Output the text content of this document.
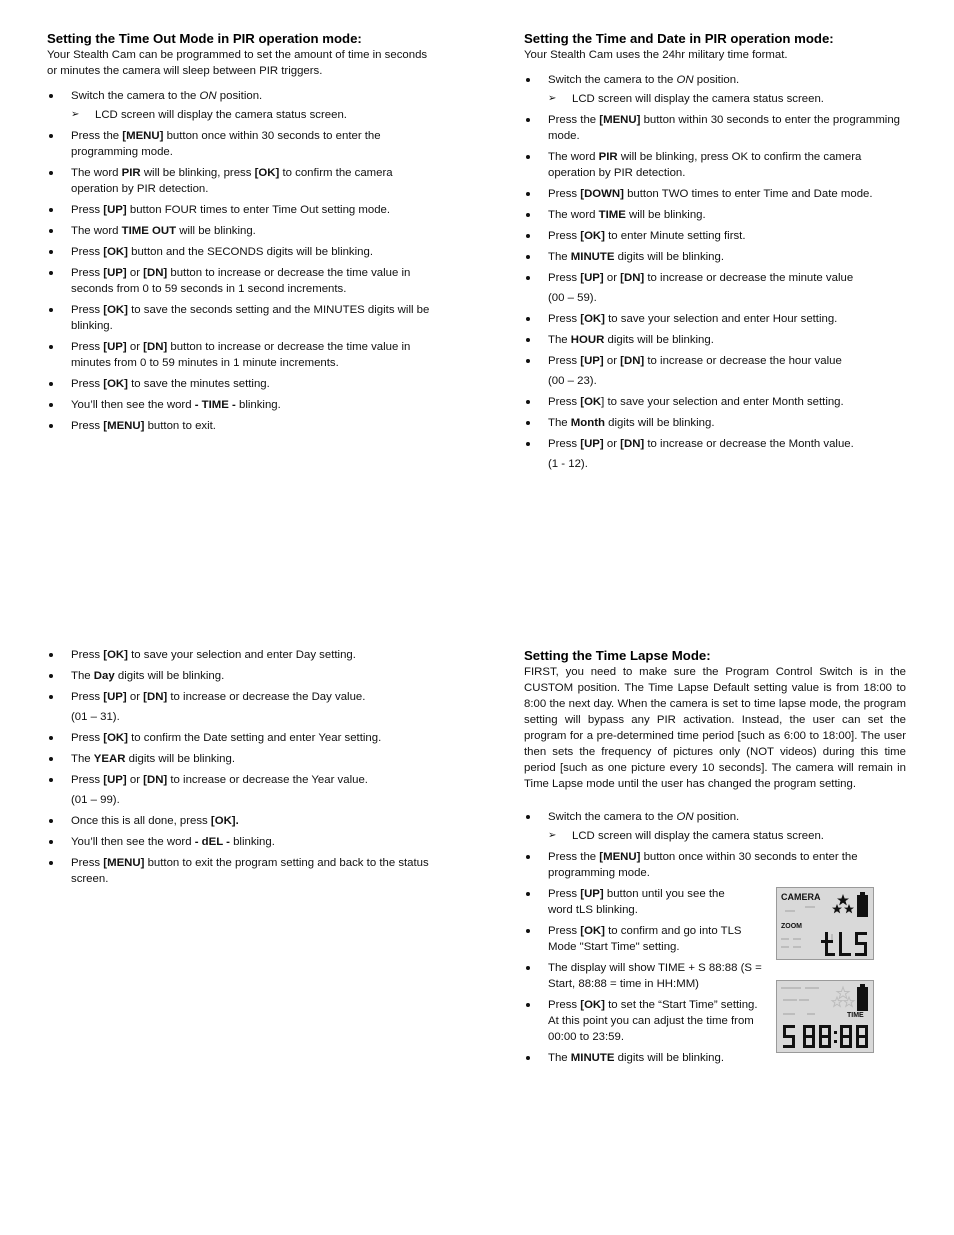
Setting the Time Out Mode in PIR operation mode:

Your Stealth Cam can be programmed to set the amount of time in seconds or minutes the camera will sleep between PIR triggers.

Switch the camera to the ON position.
➢ LCD screen will display the camera status screen.
Press the [MENU] button once within 30 seconds to enter the programming mode.
The word PIR will be blinking, press [OK] to confirm the camera operation by PIR detection.
Press [UP] button FOUR times to enter Time Out setting mode.
The word TIME OUT will be blinking.
Press [OK] button and the SECONDS digits will be blinking.
Press [UP] or [DN] button to increase or decrease the time value in seconds from 0 to 59 seconds in 1 second increments.
Press [OK] to save the seconds setting and the MINUTES digits will be blinking.
Press [UP] or [DN] button to increase or decrease the time value in minutes from 0 to 59 minutes in 1 minute increments.
Press [OK] to save the minutes setting.
You’ll then see the word - TIME - blinking.
Press [MENU] button to exit.
Setting the Time and Date in PIR operation mode:

Your Stealth Cam uses the 24hr military time format.

Switch the camera to the ON position.
➢ LCD screen will display the camera status screen.
Press the [MENU] button within 30 seconds to enter the programming mode.
The word PIR will be blinking, press OK to confirm the camera operation by PIR detection.
Press [DOWN] button TWO times to enter Time and Date mode.
The word TIME will be blinking.
Press [OK] to enter Minute setting first.
The MINUTE digits will be blinking.
Press [UP] or [DN] to increase or decrease the minute value
(00 – 59).
Press [OK] to save your selection and enter Hour setting.
The HOUR digits will be blinking.
Press [UP] or [DN] to increase or decrease the hour value
(00 – 23).
Press [OK] to save your selection and enter Month setting.
The Month digits will be blinking.
Press [UP] or [DN] to increase or decrease the Month value.
(1 - 12).
Press [OK] to save your selection and enter Day setting.
The Day digits will be blinking.
Press [UP] or [DN] to increase or decrease the Day value.
(01 – 31).
Press [OK] to confirm the Date setting and enter Year setting.
The YEAR digits will be blinking.
Press [UP] or [DN] to increase or decrease the Year value.
(01 – 99).
Once this is all done, press [OK].
You’ll then see the word - dEL - blinking.
Press [MENU] button to exit the program setting and back to the status screen.
Setting the Time Lapse Mode:

FIRST, you need to make sure the Program Control Switch is in the CUSTOM position. The Time Lapse Default setting value is from 18:00 to 8:00 the next day. When the camera is set to time lapse mode, the program setting will bypass any PIR activation. Instead, the user can set the program for a pre-determined time period [such as 6:00 to 18:00]. The user then sets the frequency of pictures only (NOT videos) during this time period [such as one picture every 10 seconds]. The camera will remain in Time Lapse mode until the user has changed the program setting.

Switch the camera to the ON position.
➢ LCD screen will display the camera status screen.
Press the [MENU] button once within 30 seconds to enter the programming mode.
Press [UP] button until you see the word tLS blinking.
Press [OK] to confirm and go into TLS Mode "Start Time" setting.
The display will show TIME + S 88:88 (S = Start, 88:88 = time in HH:MM)
Press [OK] to set the “Start Time” setting. At this point you can adjust the time from 00:00 to 23:59.
The MINUTE digits will be blinking.
CAMERA
ZOOM
TIME
